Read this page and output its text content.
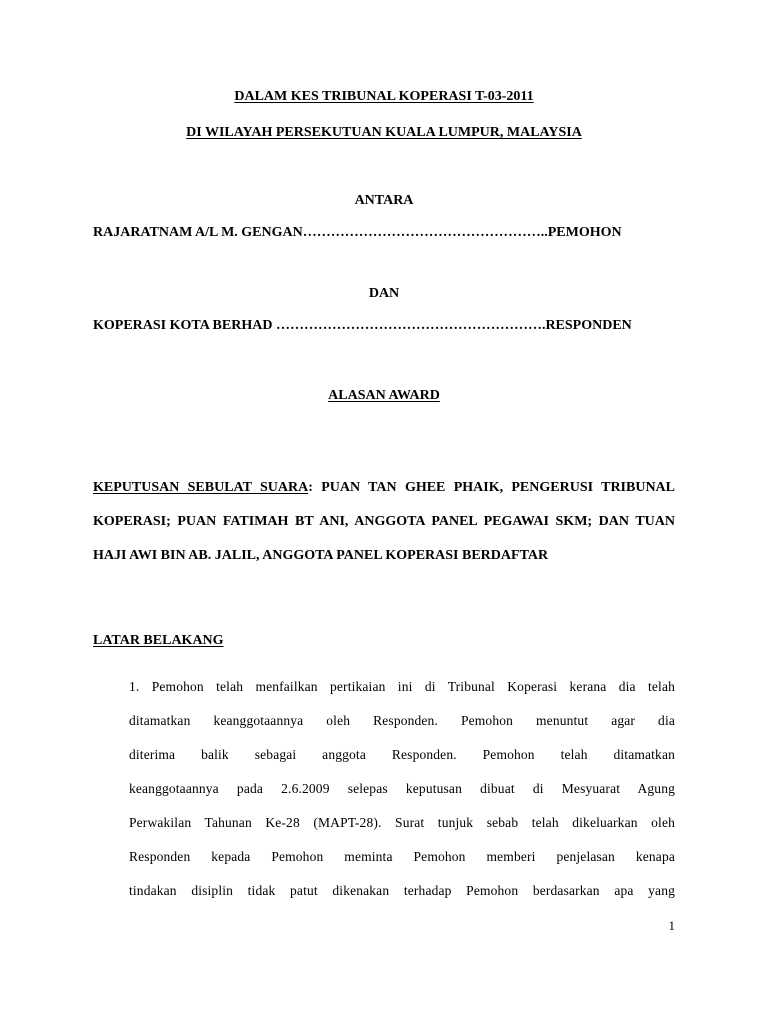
DALAM KES TRIBUNAL KOPERASI T-03-2011
DI WILAYAH PERSEKUTUAN KUALA LUMPUR, MALAYSIA
ANTARA
RAJARATNAM A/L M. GENGAN …………………………………………….. PEMOHON
DAN
KOPERASI KOTA BERHAD …………………………………………………. RESPONDEN
ALASAN AWARD
KEPUTUSAN SEBULAT SUARA: PUAN TAN GHEE PHAIK, PENGERUSI TRIBUNAL
KOPERASI; PUAN FATIMAH BT ANI, ANGGOTA PANEL PEGAWAI SKM; DAN TUAN
HAJI AWI BIN AB. JALIL, ANGGOTA PANEL KOPERASI BERDAFTAR
LATAR BELAKANG
1. Pemohon telah menfailkan pertikaian ini di Tribunal Koperasi kerana dia telah
ditamatkan keanggotaannya oleh Responden. Pemohon menuntut agar dia
diterima balik sebagai anggota Responden. Pemohon telah ditamatkan
keanggotaannya pada 2.6.2009 selepas keputusan dibuat di Mesyuarat Agung
Perwakilan Tahunan Ke-28 (MAPT-28). Surat tunjuk sebab telah dikeluarkan oleh
Responden kepada Pemohon meminta Pemohon memberi penjelasan kenapa
tindakan disiplin tidak patut dikenakan terhadap Pemohon berdasarkan apa yang
1
